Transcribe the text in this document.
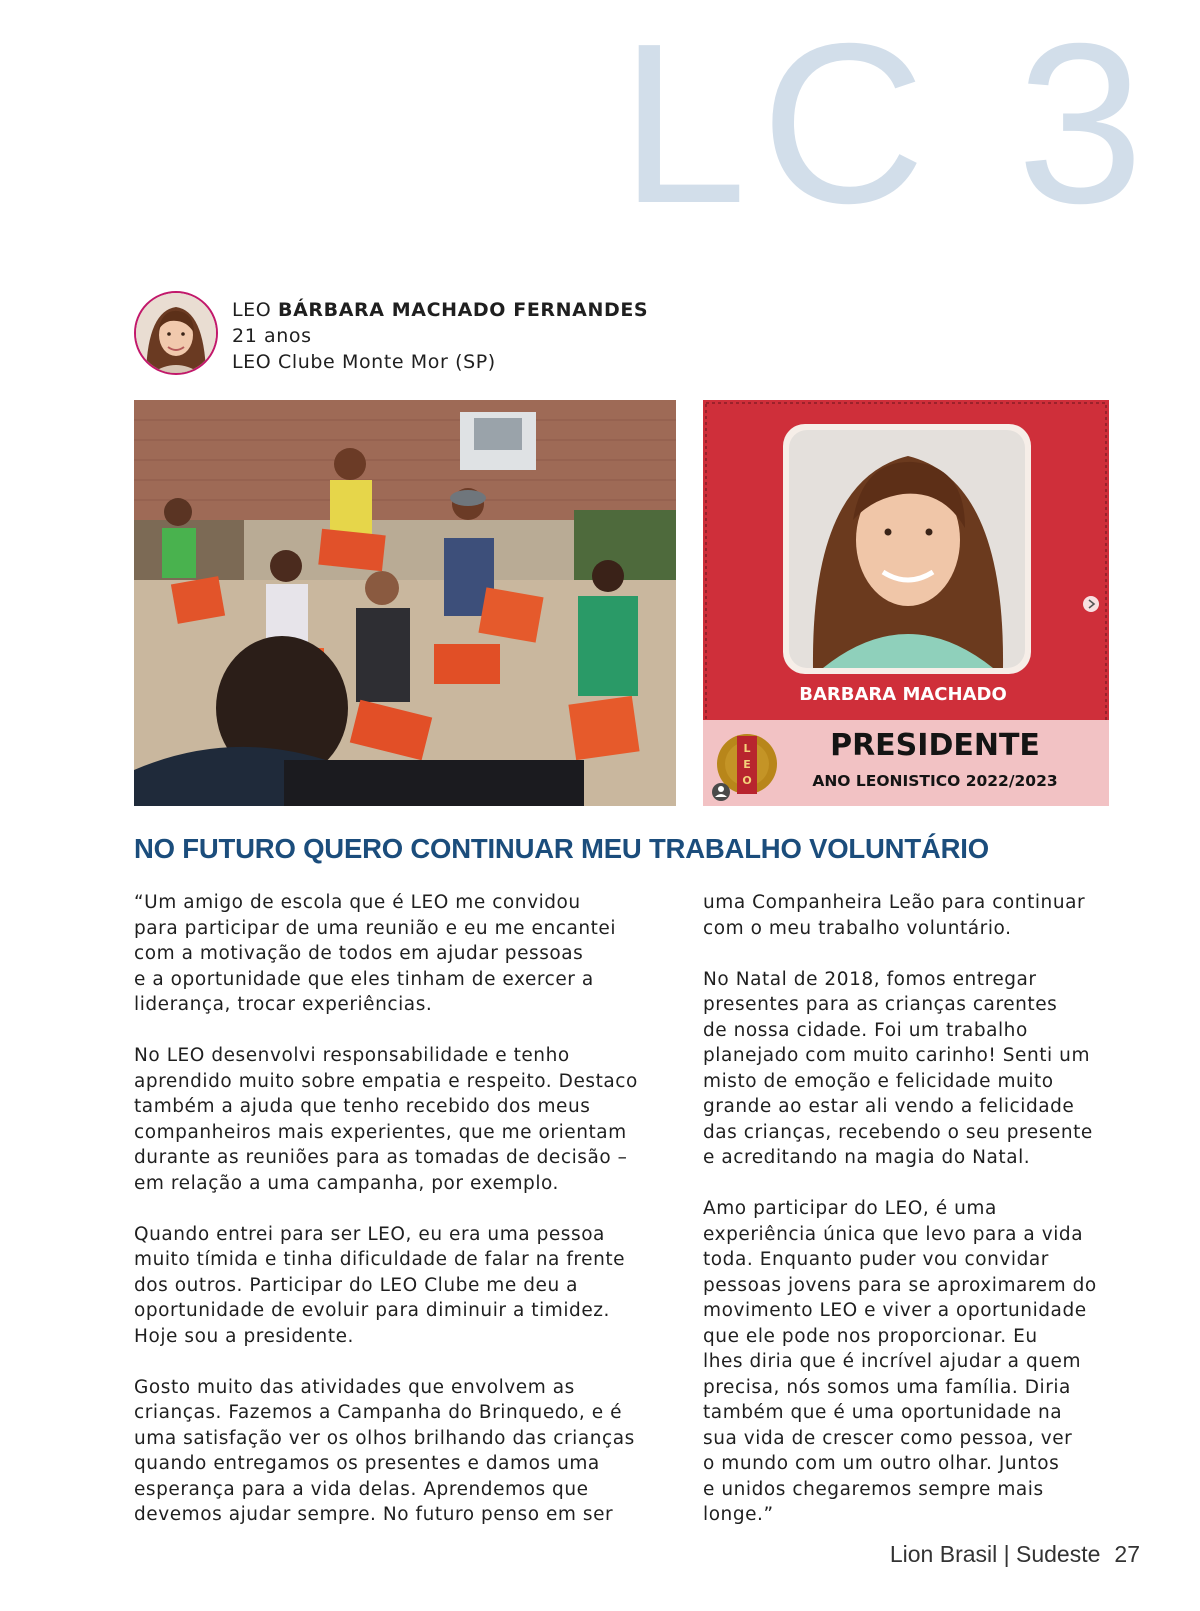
LC 3
LEO BÁRBARA MACHADO FERNANDES
21 anos
LEO Clube Monte Mor (SP)
L
E
O
BARBARA MACHADO
PRESIDENTE
ANO LEONISTICO 2022/2023
NO FUTURO QUERO CONTINUAR MEU TRABALHO VOLUNTÁRIO

“Um amigo de escola que é LEO me convidou
para participar de uma reunião e eu me encantei
com a motivação de todos em ajudar pessoas
e a oportunidade que eles tinham de exercer a
liderança, trocar experiências.

No LEO desenvolvi responsabilidade e tenho
aprendido muito sobre empatia e respeito. Destaco
também a ajuda que tenho recebido dos meus
companheiros mais experientes, que me orientam
durante as reuniões para as tomadas de decisão –
em relação a uma campanha, por exemplo.

Quando entrei para ser LEO, eu era uma pessoa
muito tímida e tinha dificuldade de falar na frente
dos outros. Participar do LEO Clube me deu a
oportunidade de evoluir para diminuir a timidez.
Hoje sou a presidente.

Gosto muito das atividades que envolvem as
crianças. Fazemos a Campanha do Brinquedo, e é
uma satisfação ver os olhos brilhando das crianças
quando entregamos os presentes e damos uma
esperança para a vida delas. Aprendemos que
devemos ajudar sempre. No futuro penso em ser

uma Companheira Leão para continuar
com o meu trabalho voluntário.

No Natal de 2018, fomos entregar
presentes para as crianças carentes
de nossa cidade. Foi um trabalho
planejado com muito carinho! Senti um
misto de emoção e felicidade muito
grande ao estar ali vendo a felicidade
das crianças, recebendo o seu presente
e acreditando na magia do Natal.

Amo participar do LEO, é uma
experiência única que levo para a vida
toda. Enquanto puder vou convidar
pessoas jovens para se aproximarem do
movimento LEO e viver a oportunidade
que ele pode nos proporcionar. Eu
lhes diria que é incrível ajudar a quem
precisa, nós somos uma família. Diria
também que é uma oportunidade na
sua vida de crescer como pessoa, ver
o mundo com um outro olhar. Juntos
e unidos chegaremos sempre mais
longe.”

Lion Brasil | Sudeste 27
